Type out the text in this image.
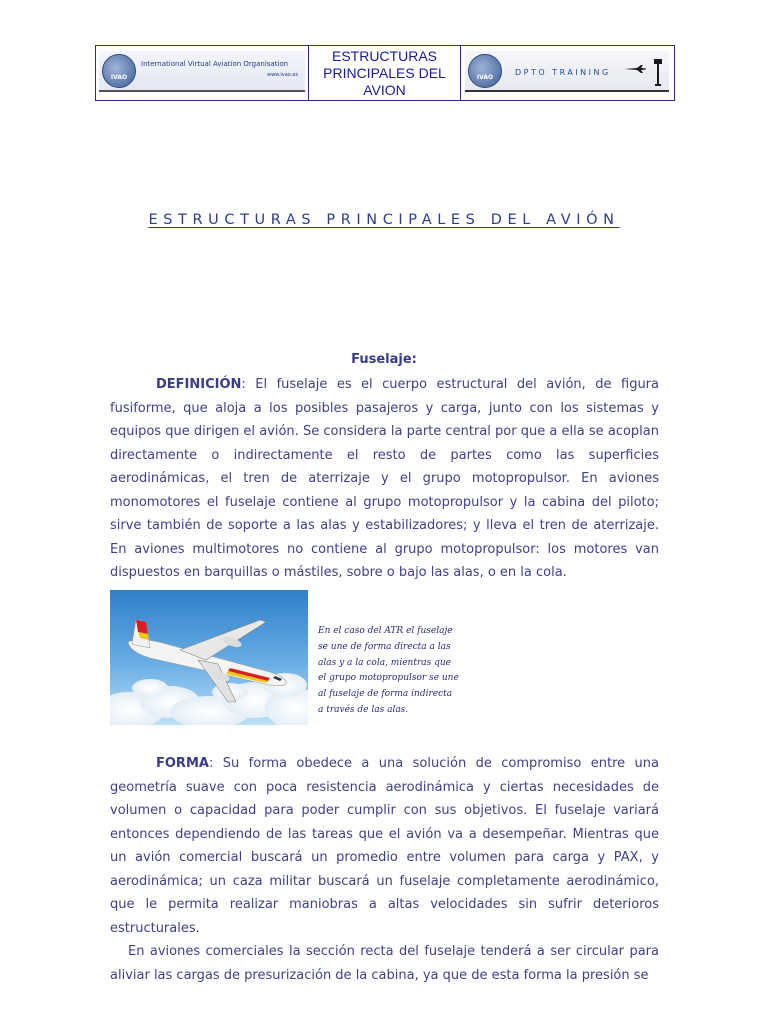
IVAO
International Virtual Aviation Organisation
www.ivao.es
ESTRUCTURAS
PRINCIPALES DEL
AVION
IVAO
DPTO TRAINING
ESTRUCTURAS PRINCIPALES DEL AVIÓN
Fuselaje:
DEFINICIÓN: El fuselaje es el cuerpo estructural del avión, de figura fusiforme, que aloja a los posibles pasajeros y carga, junto con los sistemas y equipos que dirigen el avión. Se considera la parte central por que a ella se acoplan directamente o indirectamente el resto de partes como las superficies aerodinámicas, el tren de aterrizaje y el grupo motopropulsor. En aviones monomotores el fuselaje contiene al grupo motopropulsor y la cabina del piloto; sirve también de soporte a las alas y estabilizadores; y lleva el tren de aterrizaje. En aviones multimotores no contiene al grupo motopropulsor: los motores van dispuestos en barquillas o mástiles, sobre o bajo las alas, o en la cola.
En el caso del ATR el fuselaje
se une de forma directa a las
alas y a la cola, mientras que
el grupo motopropulsor se une
al fuselaje de forma indirecta
a través de las alas.
FORMA: Su forma obedece a una solución de compromiso entre una geometría suave con poca resistencia aerodinámica y ciertas necesidades de volumen o capacidad para poder cumplir con sus objetivos. El fuselaje variará entonces dependiendo de las tareas que el avión va a desempeñar. Mientras que un avión comercial buscará un promedio entre volumen para carga y PAX, y aerodinámica; un caza militar buscará un fuselaje completamente aerodinámico, que le permita realizar maniobras a altas velocidades sin sufrir deterioros estructurales.
En aviones comerciales la sección recta del fuselaje tenderá a ser circular para aliviar las cargas de presurización de la cabina, ya que de esta forma la presión se
